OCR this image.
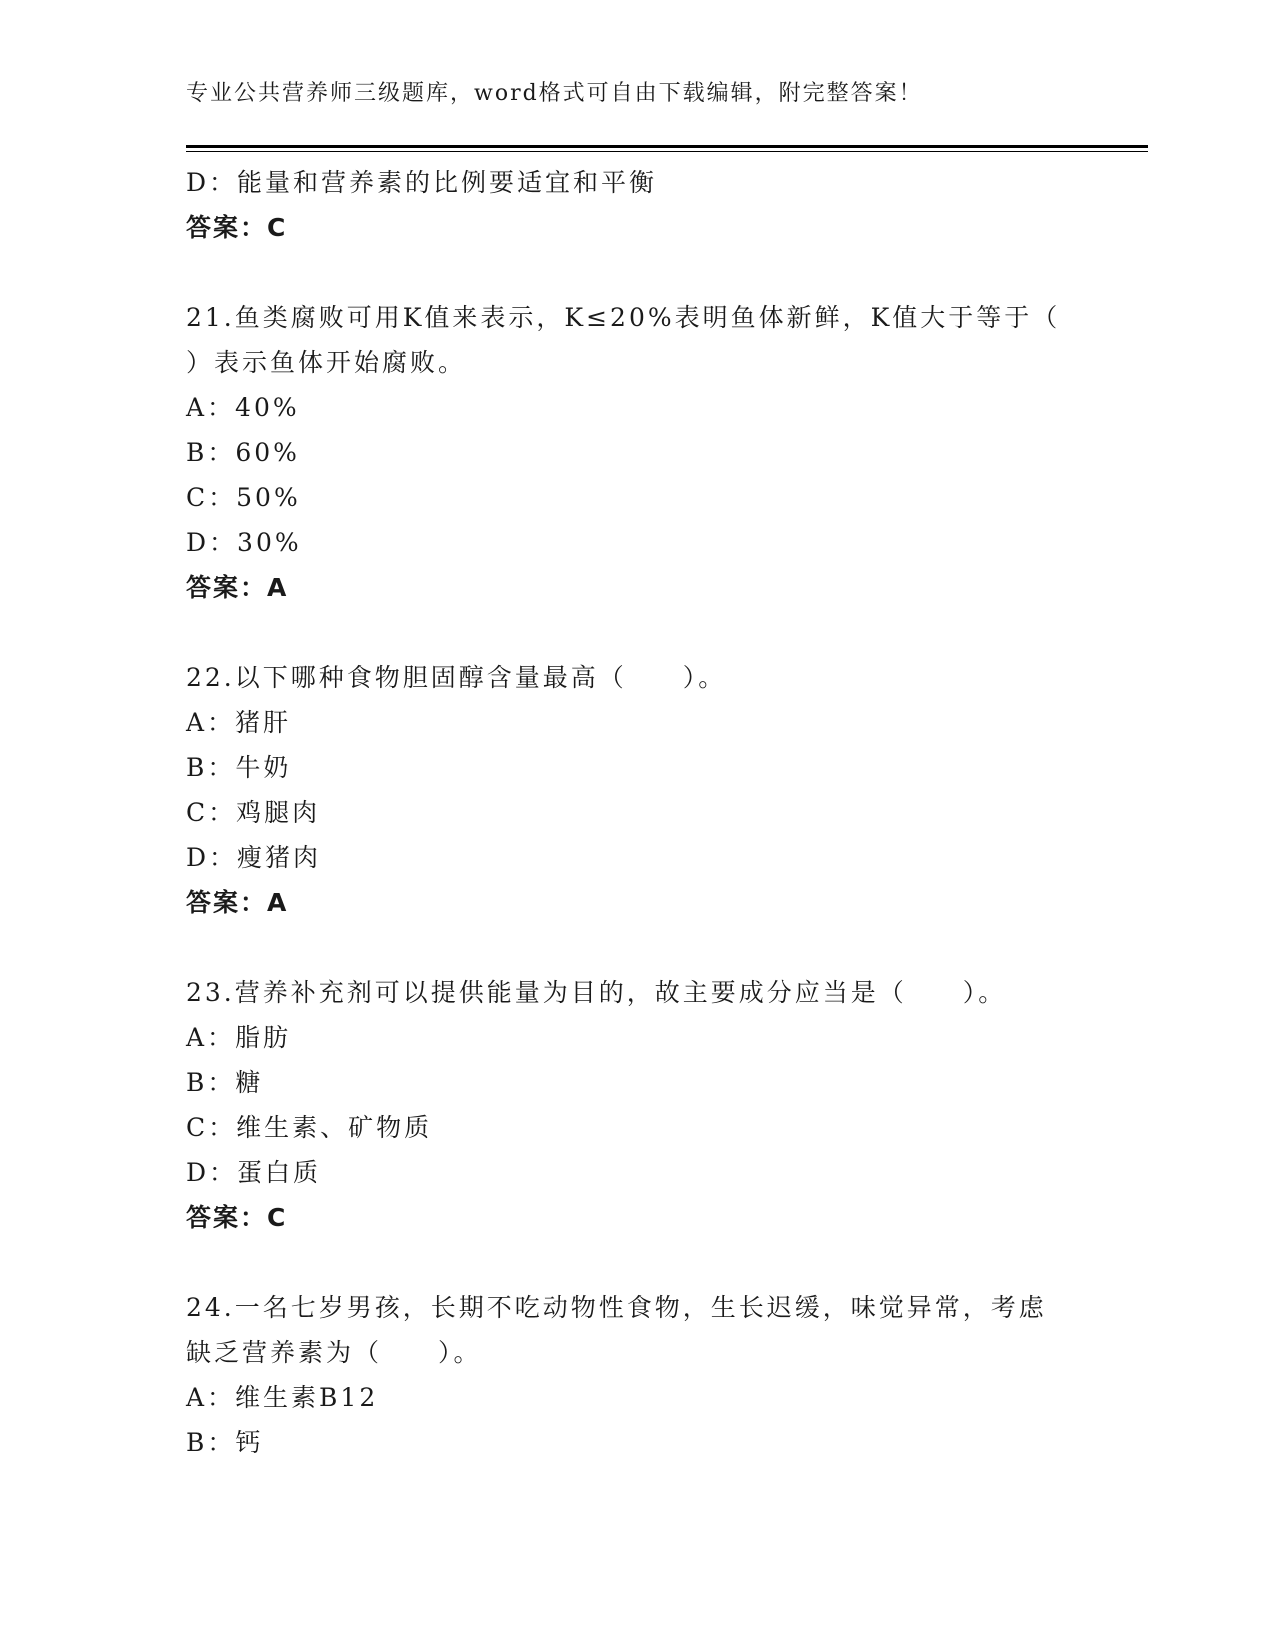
专业公共营养师三级题库，word格式可自由下载编辑，附完整答案！
D：能量和营养素的比例要适宜和平衡
答案：C
21.鱼类腐败可用K值来表示，K≤20%表明鱼体新鲜，K值大于等于（
）表示鱼体开始腐败。
A：40%
B：60%
C：50%
D：30%
答案：A
22.以下哪种食物胆固醇含量最高（　　）。
A：猪肝
B：牛奶
C：鸡腿肉
D：瘦猪肉
答案：A
23.营养补充剂可以提供能量为目的，故主要成分应当是（　　）。
A：脂肪
B：糖
C：维生素、矿物质
D：蛋白质
答案：C
24.一名七岁男孩，长期不吃动物性食物，生长迟缓，味觉异常，考虑
缺乏营养素为（　　）。
A：维生素B12
B：钙
